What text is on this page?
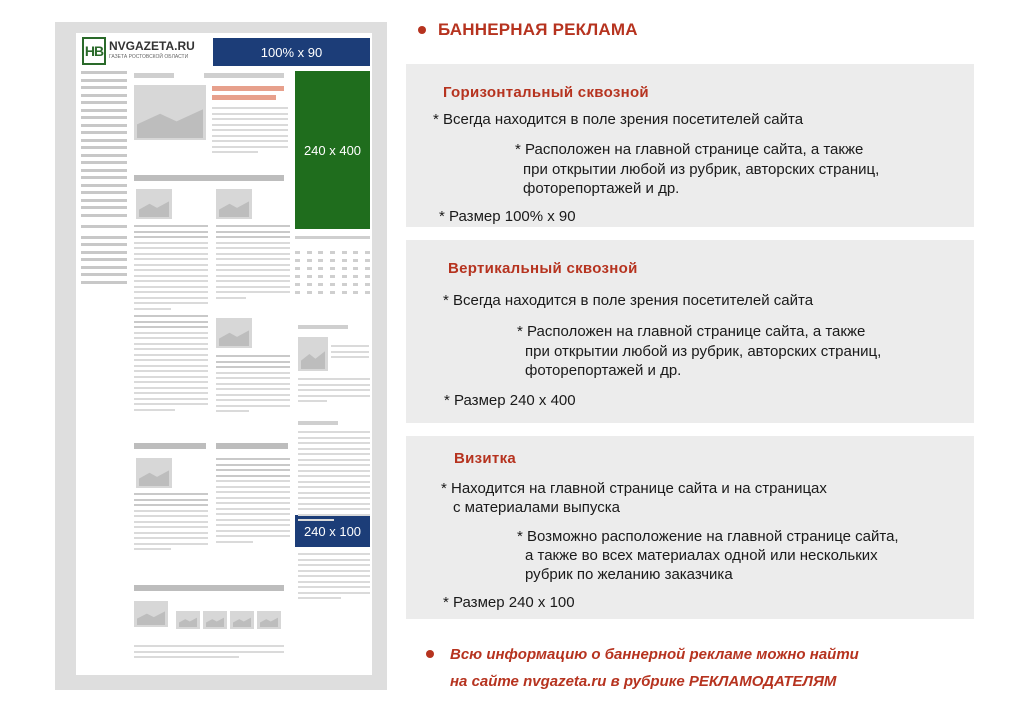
НВ NVGAZETA.RU
ГАЗЕТА РОСТОВСКОЙ ОБЛАСТИ	100% x 90
240 x 400
240 x 100
БАННЕРНАЯ РЕКЛАМА
Горизонтальный сквозной
* Всегда находится в поле зрения посетителей сайта
* Расположен на главной странице сайта, а также
при открытии любой из рубрик, авторских страниц,
фоторепортажей и др.
* Размер 100% х 90
Вертикальный сквозной
* Всегда находится в поле зрения посетителей сайта
* Расположен на главной странице сайта, а также
при открытии любой из рубрик, авторских страниц,
фоторепортажей и др.
* Размер 240 х 400
Визитка
* Находится на главной странице сайта и на страницах
с материалами выпуска
* Возможно расположение на главной странице сайта,
а также во всех материалах одной или нескольких
рубрик по желанию заказчика
* Размер 240 х 100
Всю информацию о баннерной рекламе можно найти
на сайте nvgazeta.ru в рубрике РЕКЛАМОДАТЕЛЯМ
